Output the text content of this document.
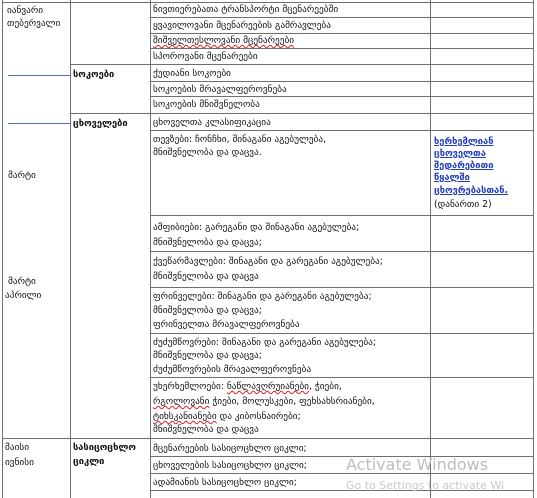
იანვარი
თებერვალი
მარტი
მარტი
აპრილი
მაისი
ივნისი
სოკოები
ცხოველები
სასიცოცხლო
ციკლი
ნივთიერებათა ტრანსპორტი მცენარეებში
ყვავილოვანი მცენარეების გამრავლება
შიშველთესლოვანი მცენარეები
სპოროვანი მცენარეები
ქუდიანი სოკოები
სოკოების მრავალფეროვნება
სოკოების მნიშვნელობა
ცხოველთა კლასიფიკაცია
თევზები: ჩონჩხი, შინაგანი აგებულება,
მნიშვნელობა და დაცვა.
ამფიბიები: გარეგანი და შინაგანი აგებულება;
მნიშვნელობა და დაცვა;
ქვეწარმავლები: შინაგანი და გარეგანი აგებულება;
მნიშვნელობა და დაცვა
ფრინველები: შინაგანი და გარეგანი აგებულება;
მნიშვნელობა და დაცვა;
ფრინველთა მრავალფეროვნება
ძუძუმწოვრები: შინაგანი და გარეგანი აგებულება;
მნიშვნელობა და დაცვა;
ძუძუმწოვრების მრავალფეროვნება
უხერხემლოები: ნაწლავღრუიანები, ჭიები,
რგოლოვანი ჭიები, მოლუსკები, ფეხსახსრიანები,
ტიხსკანიანები და კიბოსნაირები;
მნიშვნელობა და დაცვა
მცენარეების სასიცოცხლო ციკლი;
ცხოველების სასიცოცხლო ციკლი;
ადამიანის სასიცოცხლო ციკლი;
ხერხემლიან
ცხოველთა
შედარებითი
წყალში
ცხოვრებასთან.
(დანართი 2)
Activate Windows
Go to Settings to activate Wi
